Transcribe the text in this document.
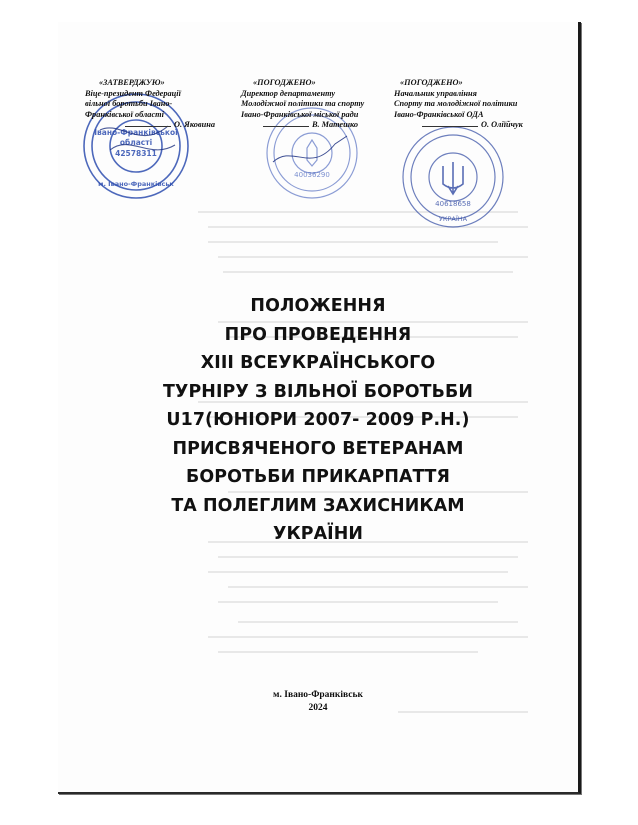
Івано-Франківської
області
42578311
м. Івано-Франківськ
40036290
40618658
УКРАЇНА
«ЗАТВЕРДЖУЮ»
Віце-президент Федерації
вільної боротьби Івано-
Франківської області
О. Яковина
«ПОГОДЖЕНО»
Директор департаменту
Молодіжної політики та спорту
Івано-Франківської міської ради
В. Матешко
«ПОГОДЖЕНО»
Начальник управління
Спорту та молодіжної політики
Івано-Франківської ОДА
О. Оліїйчук
ПОЛОЖЕННЯ
ПРО ПРОВЕДЕННЯ
XIII ВСЕУКРАЇНСЬКОГО
ТУРНІРУ З ВІЛЬНОЇ БОРОТЬБИ
U17(ЮНІОРИ 2007- 2009 Р.Н.)
ПРИСВЯЧЕНОГО ВЕТЕРАНАМ
БОРОТЬБИ ПРИКАРПАТТЯ
ТА ПОЛЕГЛИМ ЗАХИСНИКАМ
УКРАЇНИ
м. Івано-Франківськ
2024
